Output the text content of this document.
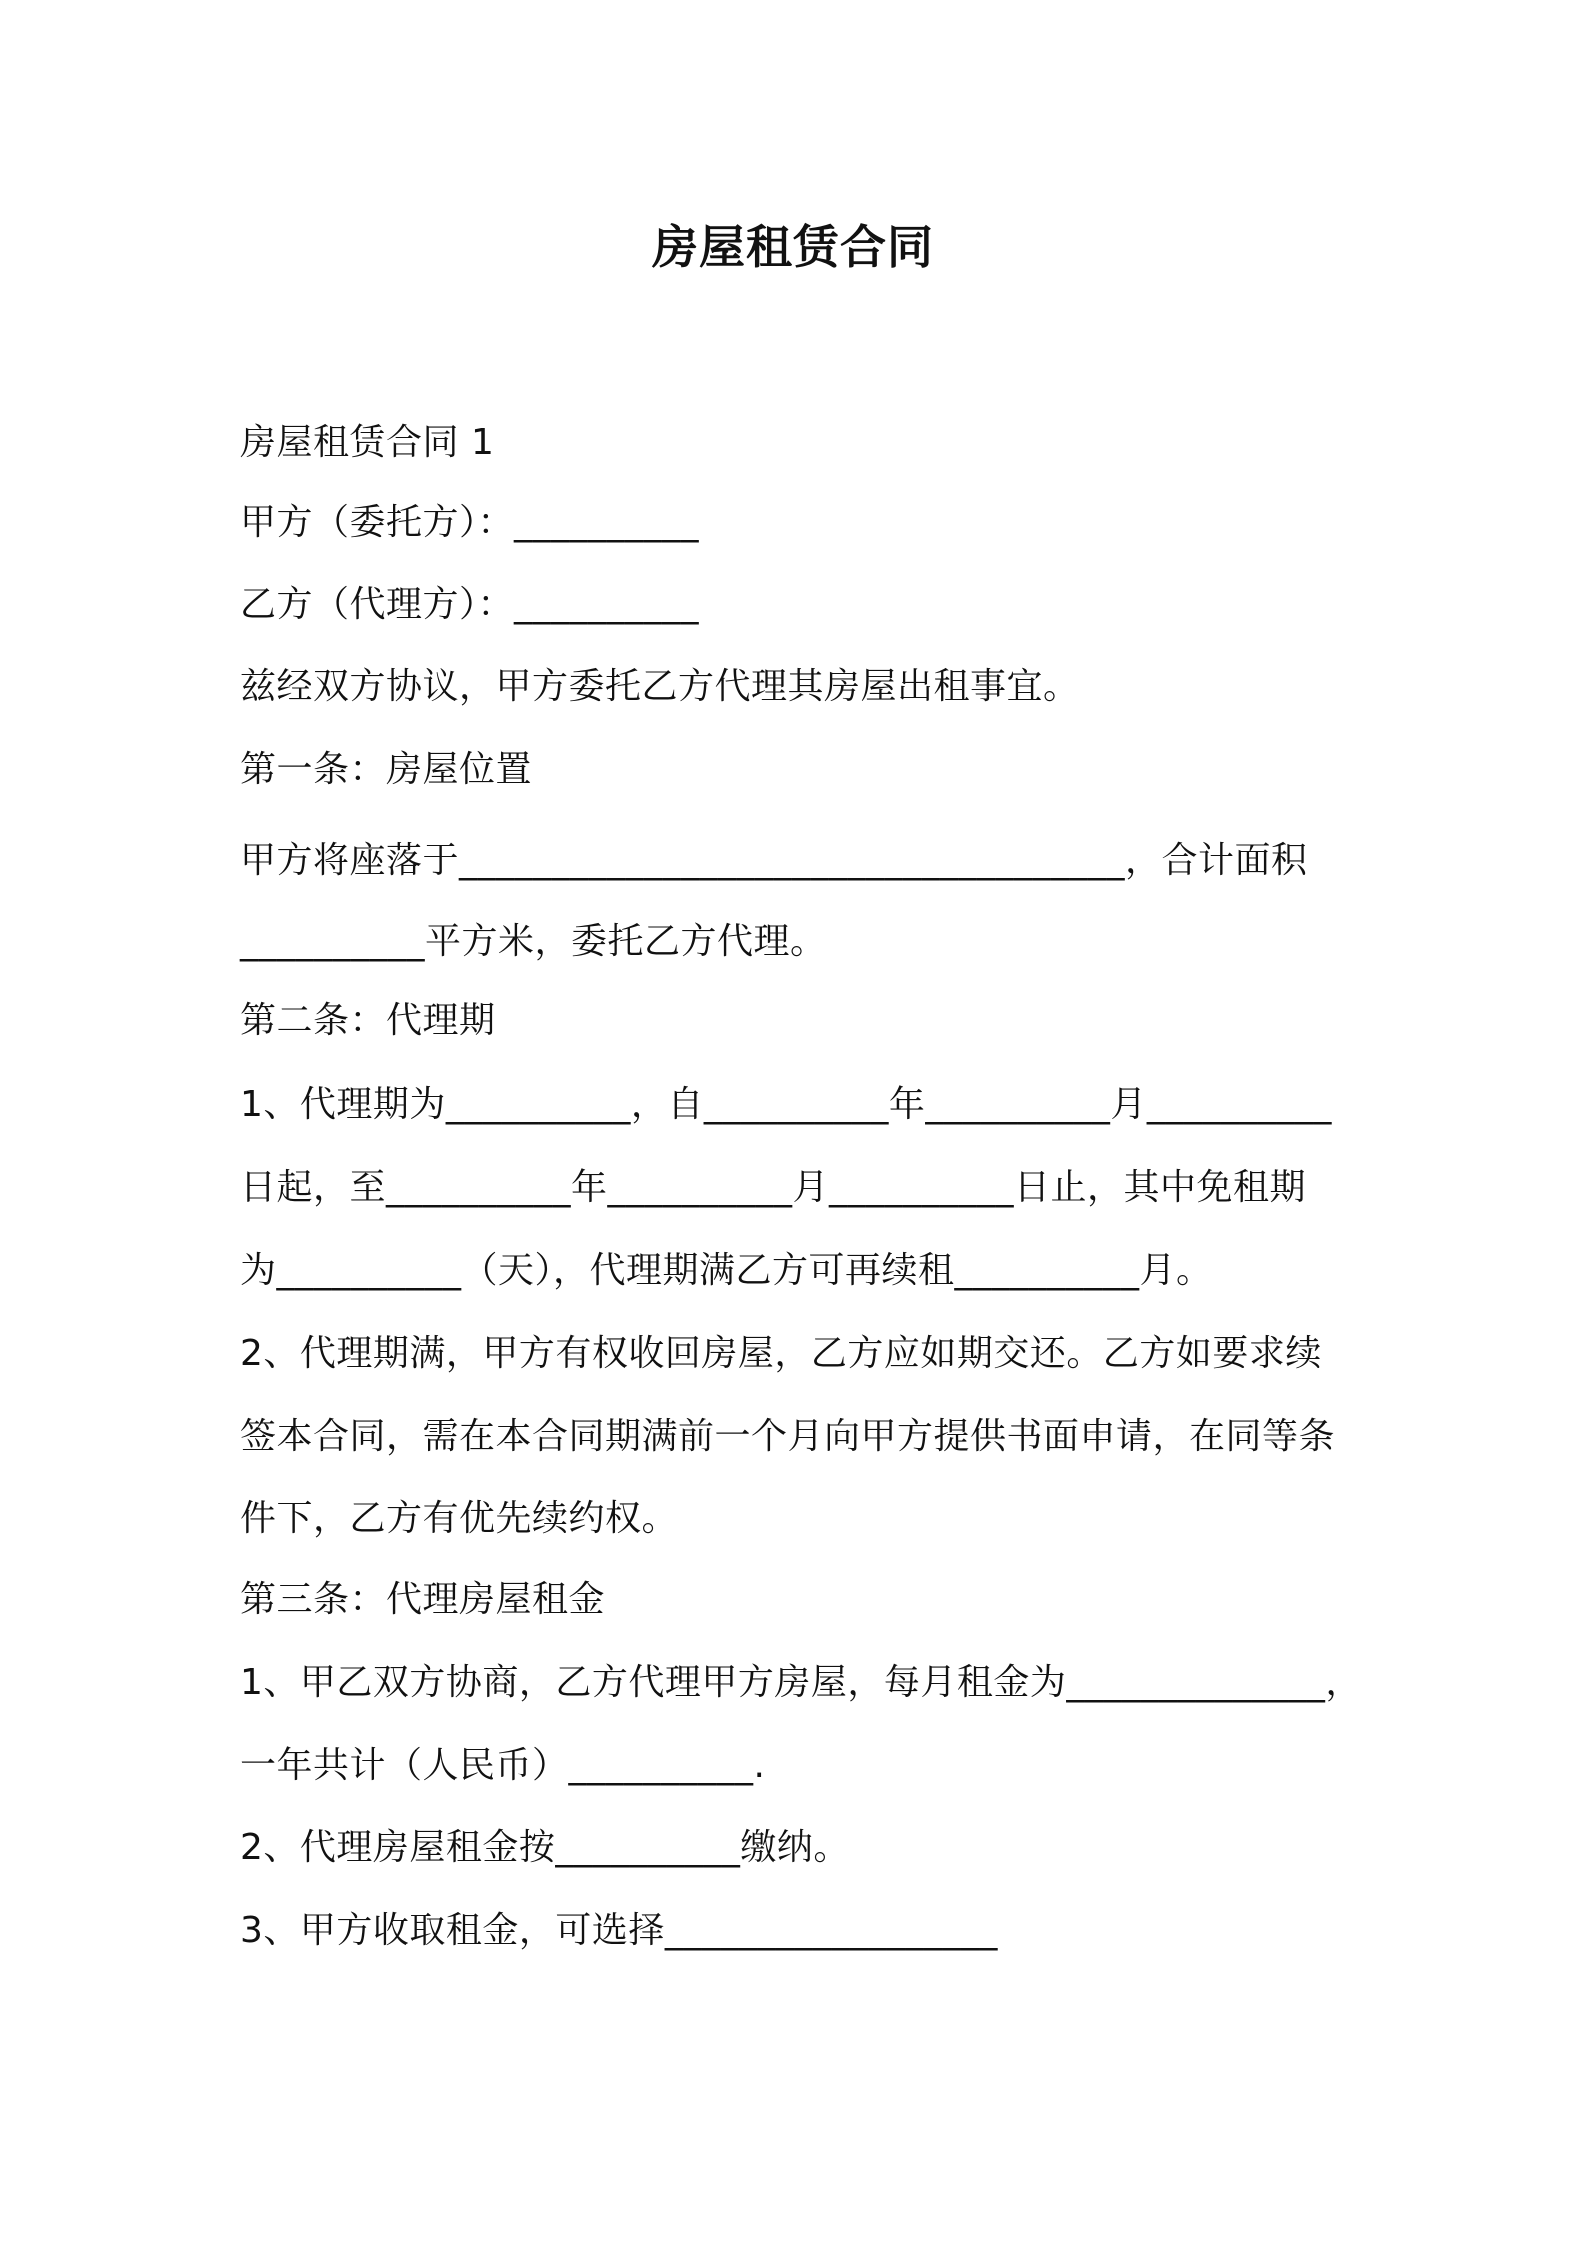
房屋租赁合同
房屋租赁合同 1
甲方（委托方）：__________
乙方（代理方）：__________
兹经双方协议，甲方委托乙方代理其房屋出租事宜。
第一条：房屋位置
甲方将座落于____________________________________，合计面积
__________平方米，委托乙方代理。
第二条：代理期
1、代理期为__________，自__________年__________月__________
日起，至__________年__________月__________日止，其中免租期
为__________（天），代理期满乙方可再续租__________月。
2、代理期满，甲方有权收回房屋，乙方应如期交还。乙方如要求续
签本合同，需在本合同期满前一个月向甲方提供书面申请，在同等条
件下，乙方有优先续约权。
第三条：代理房屋租金
1、甲乙双方协商，乙方代理甲方房屋，每月租金为______________，
一年共计（人民币）__________.
2、代理房屋租金按__________缴纳。
3、甲方收取租金，可选择__________________
